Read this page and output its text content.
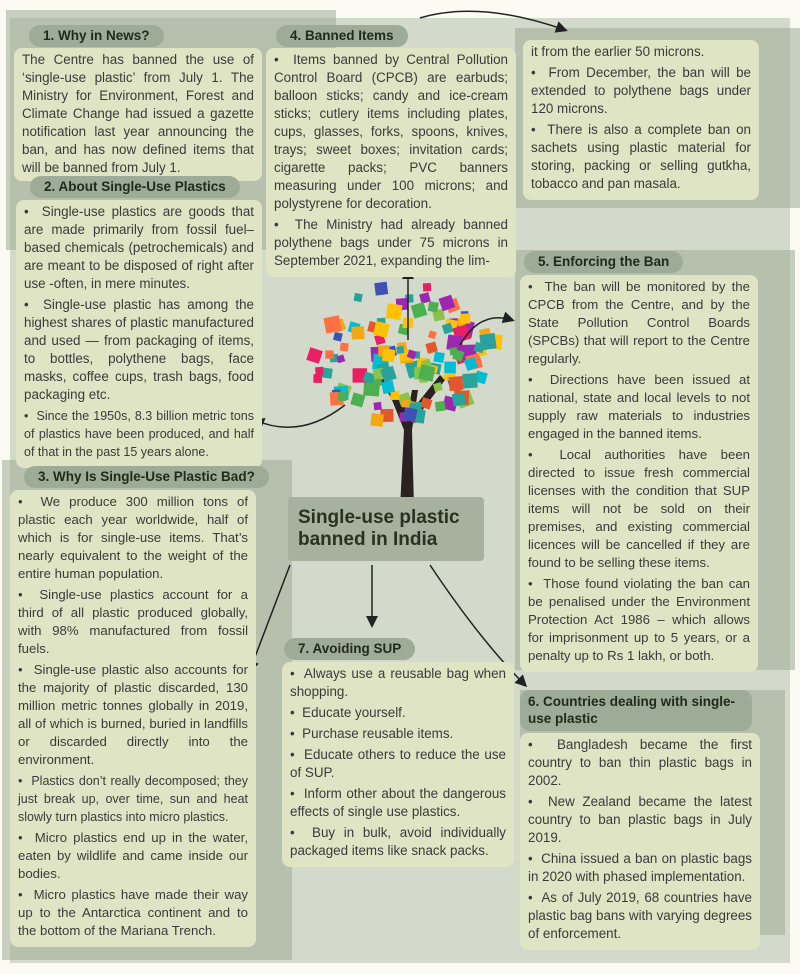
1. Why in News?
The Centre has banned the use of ‘single-use plastic’ from July 1. The Ministry for Environment, Forest and Climate Change had issued a gazette notification last year announcing the ban, and has now defined items that will be banned from July 1.
2. About Single-Use Plastics

•  Single-use plastics are goods that are made primarily from fossil fuel–based chemicals (petrochemicals) and are meant to be disposed of right after use -often, in mere minutes.

•  Single-use plastic has among the highest shares of plastic manufactured and used — from packaging of items, to bottles, polythene bags, face masks, coffee cups, trash bags, food packaging etc.

•  Since the 1950s, 8.3 billion metric tons of plastics have been produced, and half of that in the past 15 years alone.

3. Why Is Single-Use Plastic Bad?

•  We produce 300 million tons of plastic each year worldwide, half of which is for single-use items. That’s nearly equivalent to the weight of the entire human population.

•  Single-use plastics account for a third of all plastic produced globally, with 98% manufactured from fossil fuels.

•  Single-use plastic also accounts for the majority of plastic discarded, 130 million metric tonnes globally in 2019, all of which is burned, buried in landfills or discarded directly into the environment.

•  Plastics don’t really decomposed; they just break up, over time, sun and heat slowly turn plastics into micro plastics.

•  Micro plastics end up in the water, eaten by wildlife and came inside our bodies.

•  Micro plastics have made their way up to the Antarctica continent and to the bottom of the Mariana Trench.

4. Banned Items

•  Items banned by Central Pollution Control Board (CPCB) are earbuds; balloon sticks; candy and ice-cream sticks; cutlery items including plates, cups, glasses, forks, spoons, knives, trays; sweet boxes; invitation cards; cigarette packs; PVC banners measuring under 100 microns; and polystyrene for decoration.

•  The Ministry had already banned polythene bags under 75 microns in September 2021, expanding the lim-

it from the earlier 50 microns.

•  From December, the ban will be extended to polythene bags under 120 microns.

•  There is also a complete ban on sachets using plastic material for storing, packing or selling gutkha, tobacco and pan masala.

5. Enforcing the Ban

•  The ban will be monitored by the CPCB from the Centre, and by the State Pollution Control Boards (SPCBs) that will report to the Centre regularly.

•  Directions have been issued at national, state and local levels to not supply raw materials to industries engaged in the banned items.

•  Local authorities have been directed to issue fresh commercial licenses with the condition that SUP items will not be sold on their premises, and existing commercial licences will be cancelled if they are found to be selling these items.

•  Those found violating the ban can be penalised under the Environment Protection Act 1986 – which allows for imprisonment up to 5 years, or a penalty up to Rs 1 lakh, or both.

6. Countries dealing with single-use plastic

•  Bangladesh became the first country to ban thin plastic bags in 2002.

•  New Zealand became the latest country to ban plastic bags in July 2019.

•  China issued a ban on plastic bags in 2020 with phased implementation.

•  As of July 2019, 68 countries have plastic bag bans with varying degrees of enforcement.

7. Avoiding SUP

•  Always use a reusable bag when shopping.

•  Educate yourself.

•  Purchase reusable items.

•  Educate others to reduce the use of SUP.

•  Inform other about the dangerous effects of single use plastics.

•  Buy in bulk, avoid individually packaged items like snack packs.

Single-use plastic
banned in India
